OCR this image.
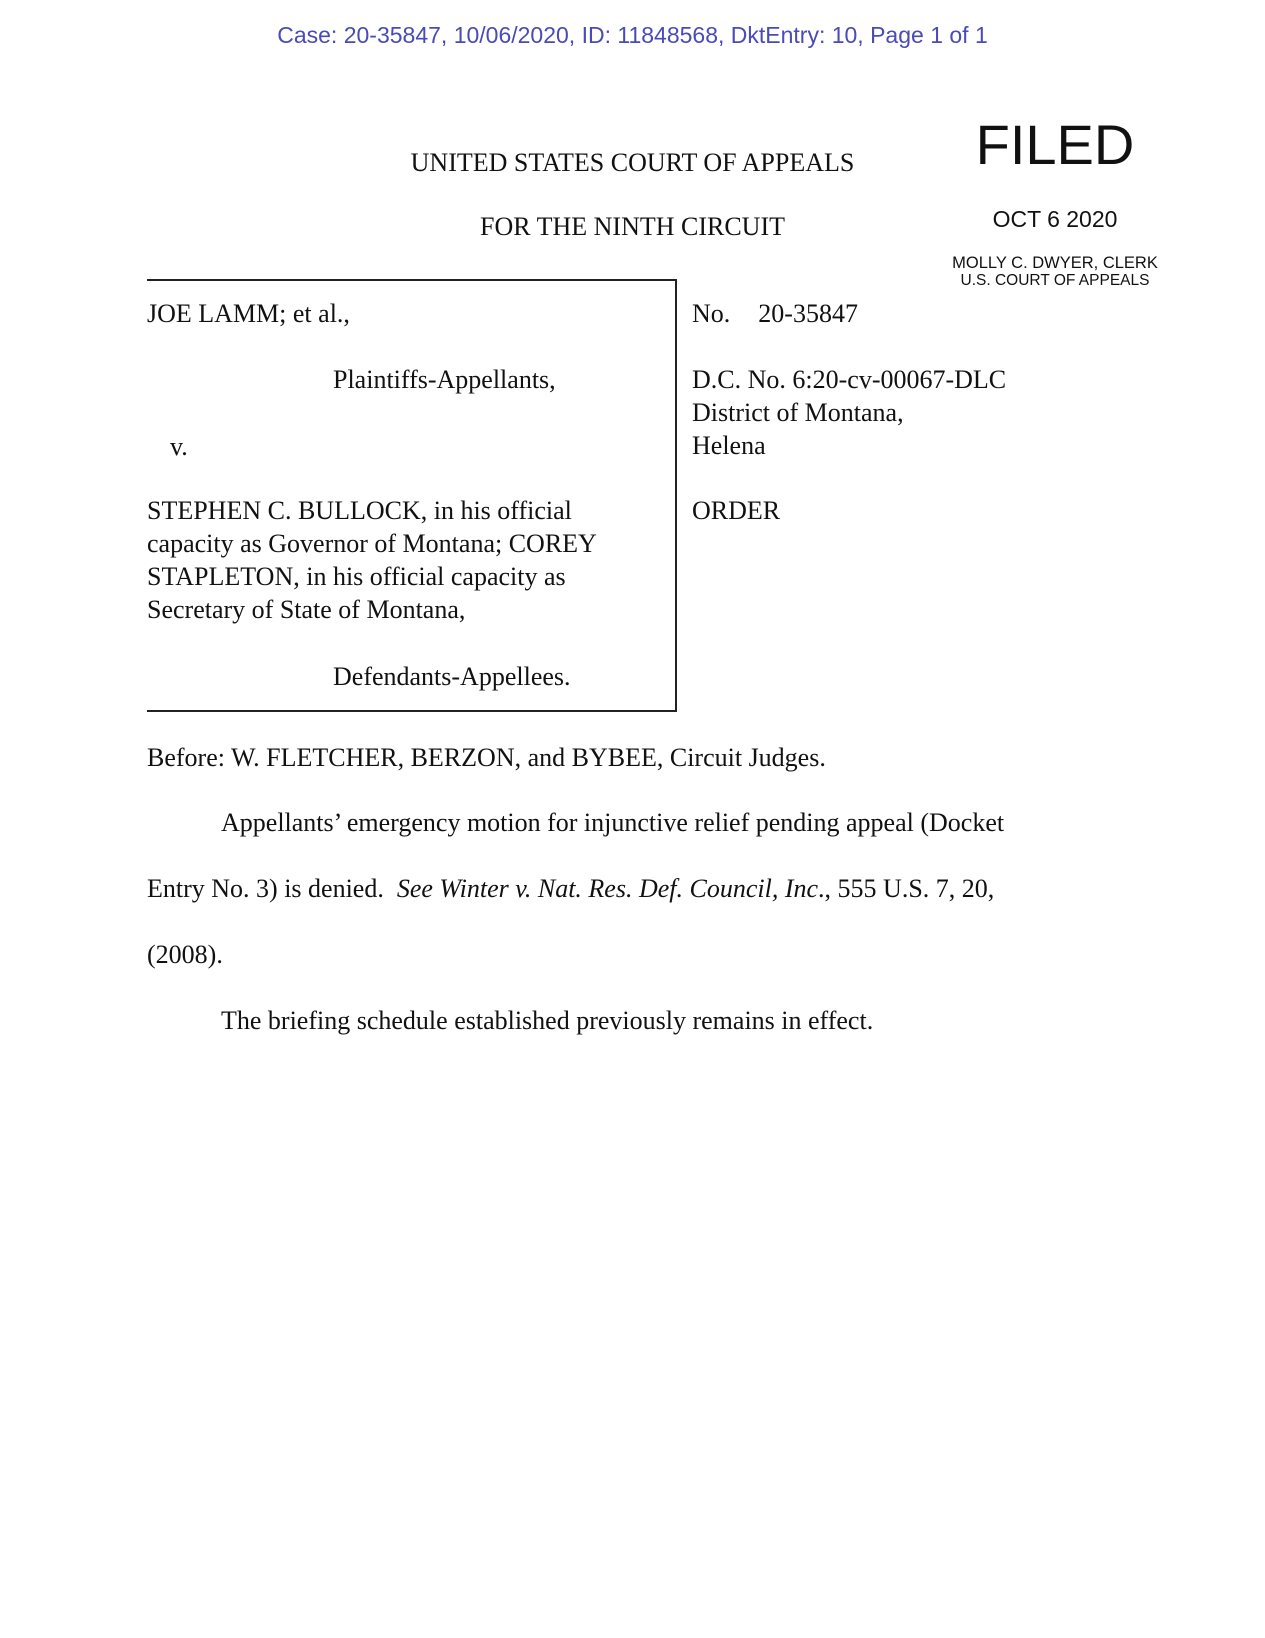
Case: 20-35847, 10/06/2020, ID: 11848568, DktEntry: 10, Page 1 of 1
UNITED STATES COURT OF APPEALS
FOR THE NINTH CIRCUIT
FILED
OCT 6 2020
MOLLY C. DWYER, CLERK
U.S. COURT OF APPEALS
JOE LAMM; et al.,
Plaintiffs-Appellants,
v.
STEPHEN C. BULLOCK, in his official
capacity as Governor of Montana; COREY
STAPLETON, in his official capacity as
Secretary of State of Montana,
Defendants-Appellees.
No. 20-35847
D.C. No. 6:20-cv-00067-DLC
District of Montana,
Helena
ORDER
Before: W. FLETCHER, BERZON, and BYBEE, Circuit Judges.
Appellants’ emergency motion for injunctive relief pending appeal (Docket
Entry No. 3) is denied.  See Winter v. Nat. Res. Def. Council, Inc., 555 U.S. 7, 20,
(2008).
The briefing schedule established previously remains in effect.
